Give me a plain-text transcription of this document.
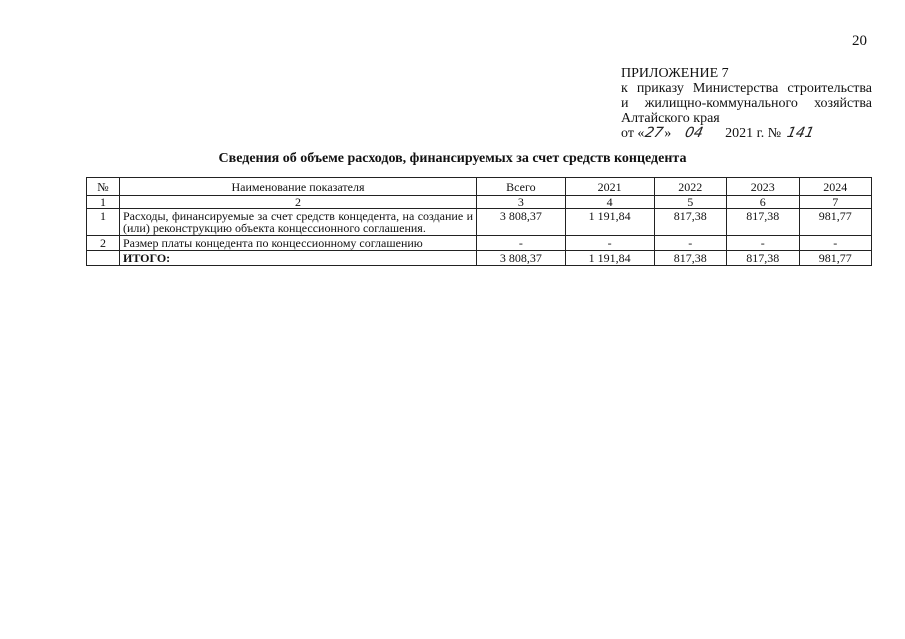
20
ПРИЛОЖЕНИЕ 7
к приказу Министерства строительства
и жилищно-коммунального хозяйства
Алтайского края
от « 27 » 04 2021 г. № 141
Сведения об объеме расходов, финансируемых за счет средств концедента
№	Наименование показателя	Всего	2021	2022	2023	2024
1	2	3	4	5	6	7
1	Расходы, финансируемые за счет средств концедента, на создание и (или) реконструкцию объекта концессионного соглашения.	3 808,37	1 191,84	817,38	817,38	981,77
2	Размер платы концедента по концессионному соглашению	-	-	-	-	-
	ИТОГО:	3 808,37	1 191,84	817,38	817,38	981,77
